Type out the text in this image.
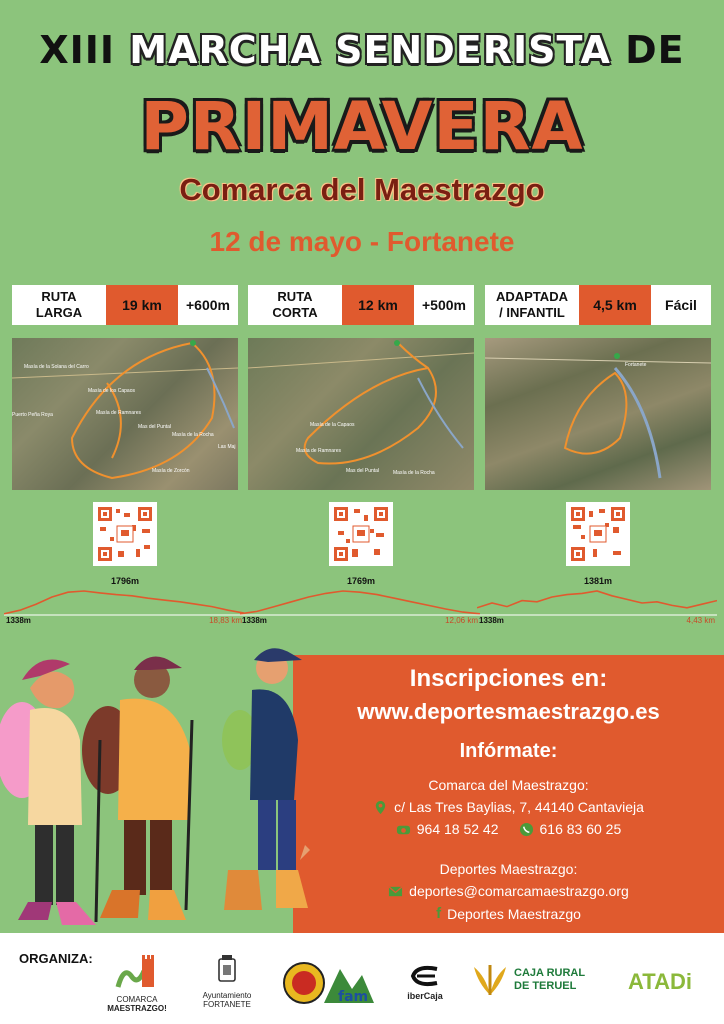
XIII MARCHA SENDERISTA DE
PRIMAVERA
Comarca del Maestrazgo
12 de mayo - Fortanete
RUTA
LARGA	19 km	+600m
Masía de la Solana del Carro
Masía de los Capaos
Masía de Ramnares
Mas del Puntal
Masía de la Rocha
Las Maj
Masía de Zorcón
Puerto Peña Roya
1796m
1338m	18,83 km
RUTA
CORTA	12 km	+500m
Masía de la Capaos
Masía de Ramnares
Mas del Puntal	Masía de la Rocha
1769m
1338m	12,06 km
ADAPTADA
/ INFANTIL	4,5 km	Fácil
Fortanete
1381m
1338m	4,43 km
Inscripciones en:
www.deportesmaestrazgo.es
Infórmate:
Comarca del Maestrazgo:
c/ Las Tres Baylias, 7, 44140 Cantavieja
964 18 52 42	616 83 60 25
Deportes Maestrazgo:
deportes@comarcamaestrazgo.org
f Deportes Maestrazgo
ORGANIZA:
COMARCA
MAESTRAZGO!
Ayuntamiento
FORTANETE	fam	iberCaja
CAJA RURAL
DE TERUEL	ATADi
